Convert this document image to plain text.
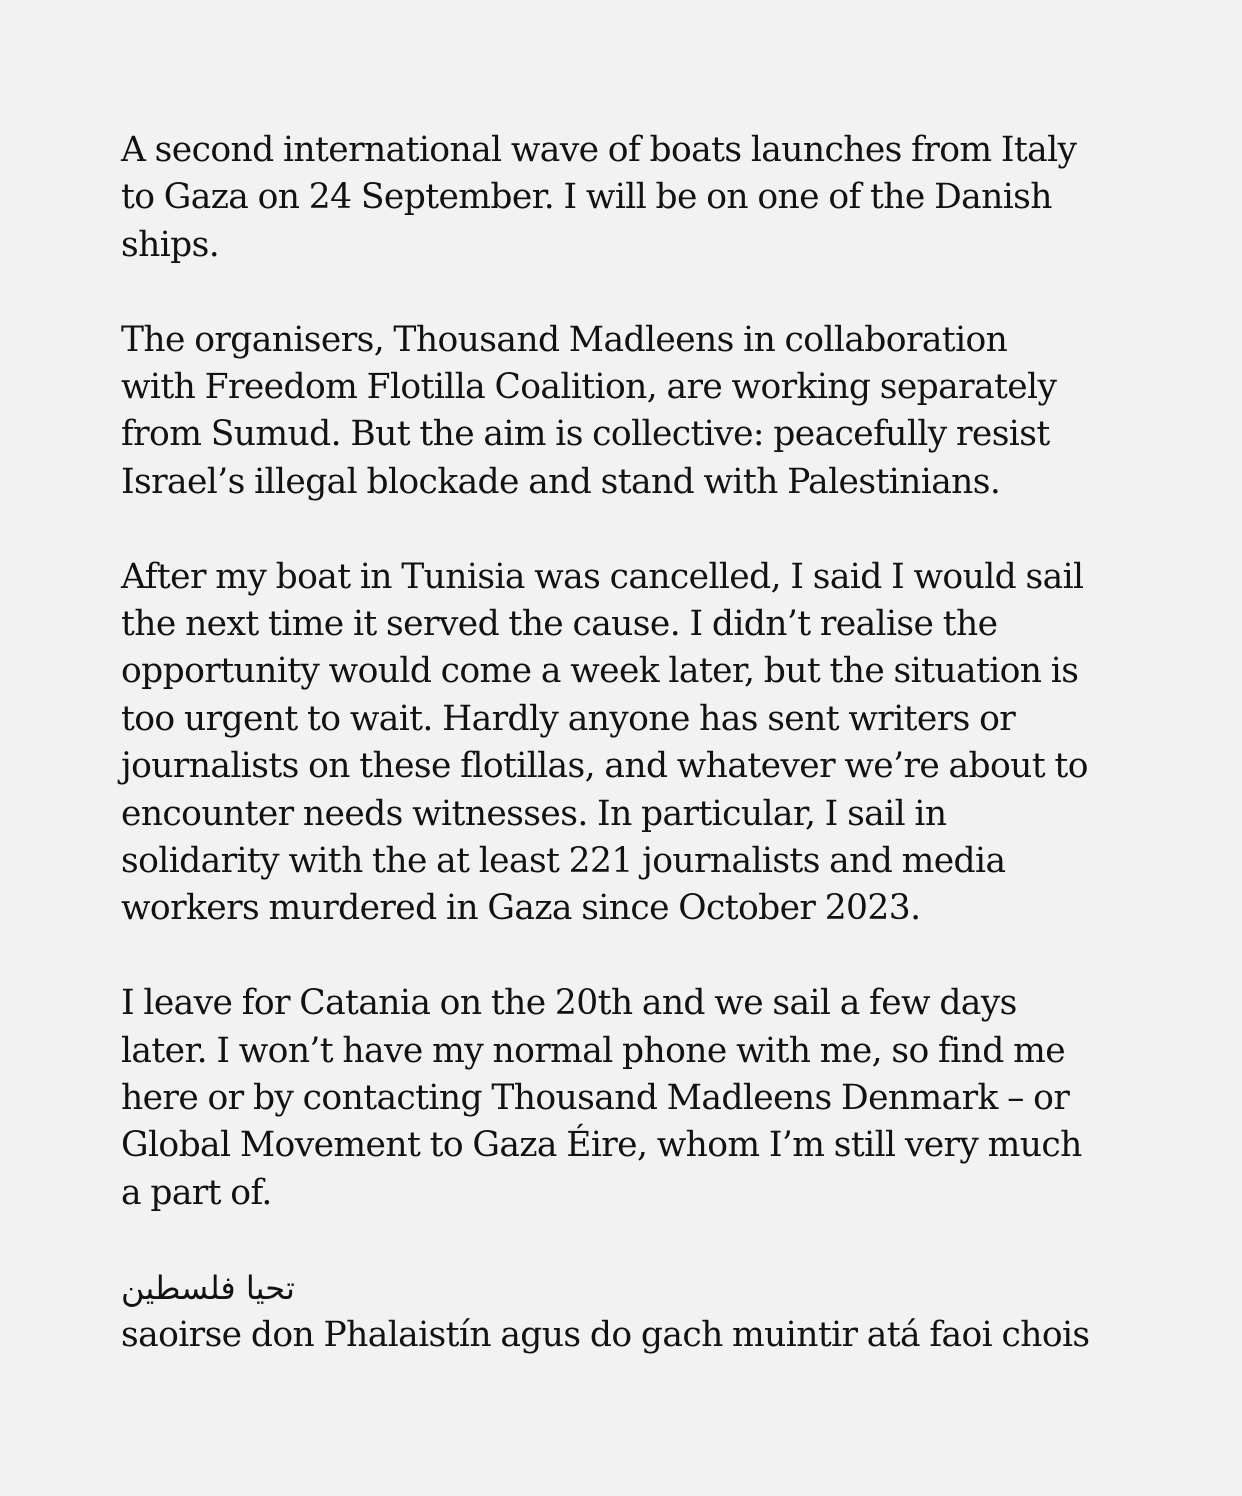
A second international wave of boats launches from Italy
to Gaza on 24 September. I will be on one of the Danish
ships.

The organisers, Thousand Madleens in collaboration
with Freedom Flotilla Coalition, are working separately
from Sumud. But the aim is collective: peacefully resist
Israel’s illegal blockade and stand with Palestinians.

After my boat in Tunisia was cancelled, I said I would sail
the next time it served the cause. I didn’t realise the
opportunity would come a week later, but the situation is
too urgent to wait. Hardly anyone has sent writers or
journalists on these flotillas, and whatever we’re about to
encounter needs witnesses. In particular, I sail in
solidarity with the at least 221 journalists and media
workers murdered in Gaza since October 2023.

I leave for Catania on the 20th and we sail a few days
later. I won’t have my normal phone with me, so find me
here or by contacting Thousand Madleens Denmark – or
Global Movement to Gaza Éire, whom I’m still very much
a part of.

تحيا فلسطين
saoirse don Phalaistín agus do gach muintir atá faoi chois
